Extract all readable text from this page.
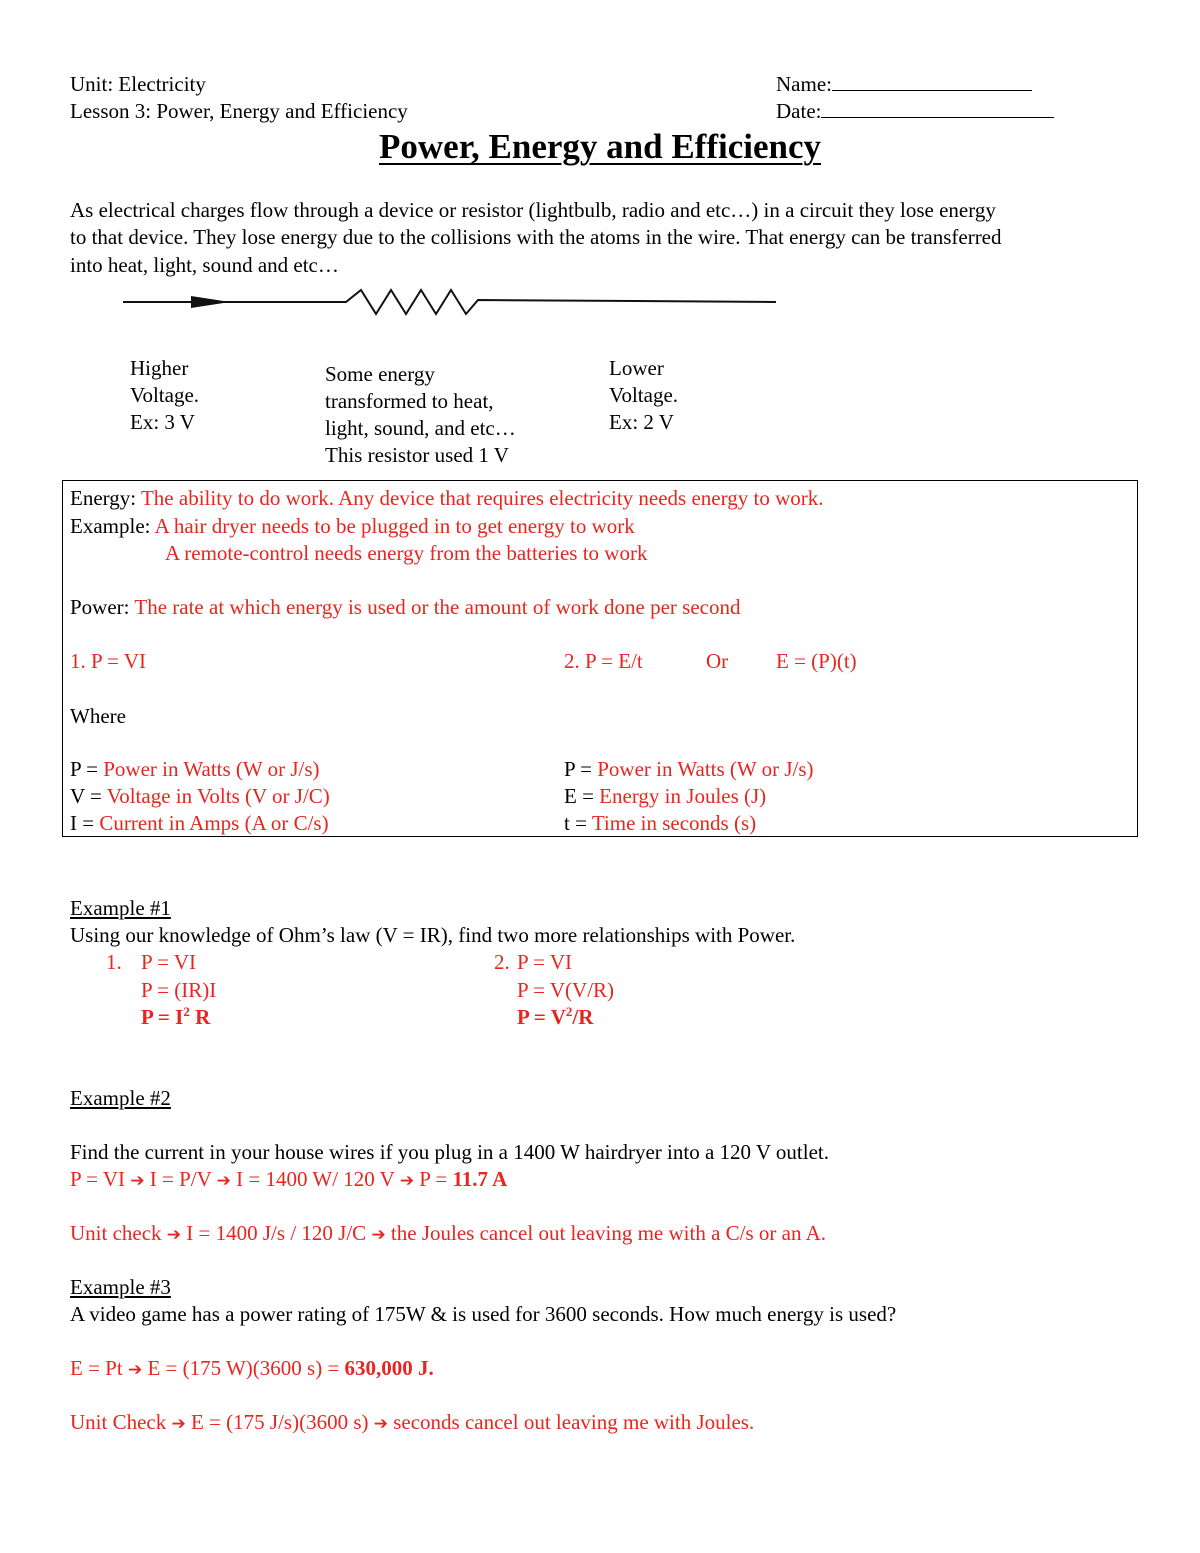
Unit: Electricity
Lesson 3: Power, Energy and Efficiency
Name:
Date:
Power, Energy and Efficiency
As electrical charges flow through a device or resistor (lightbulb, radio and etc…) in a circuit they lose energy
to that device. They lose energy due to the collisions with the atoms in the wire. That energy can be transferred
into heat, light, sound and etc…
Higher
Voltage.
Ex: 3 V
Some energy
transformed to heat,
light, sound, and etc…
This resistor used 1 V
Lower
Voltage.
Ex: 2 V
Energy: The ability to do work. Any device that requires electricity needs energy to work.
Example: A hair dryer needs to be plugged in to get energy to work
A remote-control needs energy from the batteries to work
Power: The rate at which energy is used or the amount of work done per second
1. P = VI	2. P = E/t	Or E = (P)(t)
Where
P = Power in Watts (W or J/s)
V = Voltage in Volts (V or J/C)
I = Current in Amps (A or C/s)
P = Power in Watts (W or J/s)
E = Energy in Joules (J)
t = Time in seconds (s)
Example #1
Using our knowledge of Ohm’s law (V = IR), find two more relationships with Power.
1. P = VI
P = (IR)I
$P = I^2$ R
2. P = VI
P = V(V/R)
$P = V^2/R$
Example #2
Find the current in your house wires if you plug in a 1400 W hairdryer into a 120 V outlet.
P = VI ➔ I = P/V ➔ I = 1400 W/ 120 V ➔ P = 11.7 A
Unit check ➔ I = 1400 J/s / 120 J/C ➔ the Joules cancel out leaving me with a C/s or an A.
Example #3
A video game has a power rating of 175W & is used for 3600 seconds. How much energy is used?
E = Pt ➔ E = (175 W)(3600 s) = 630,000 J.
Unit Check ➔ E = (175 J/s)(3600 s) ➔ seconds cancel out leaving me with Joules.
